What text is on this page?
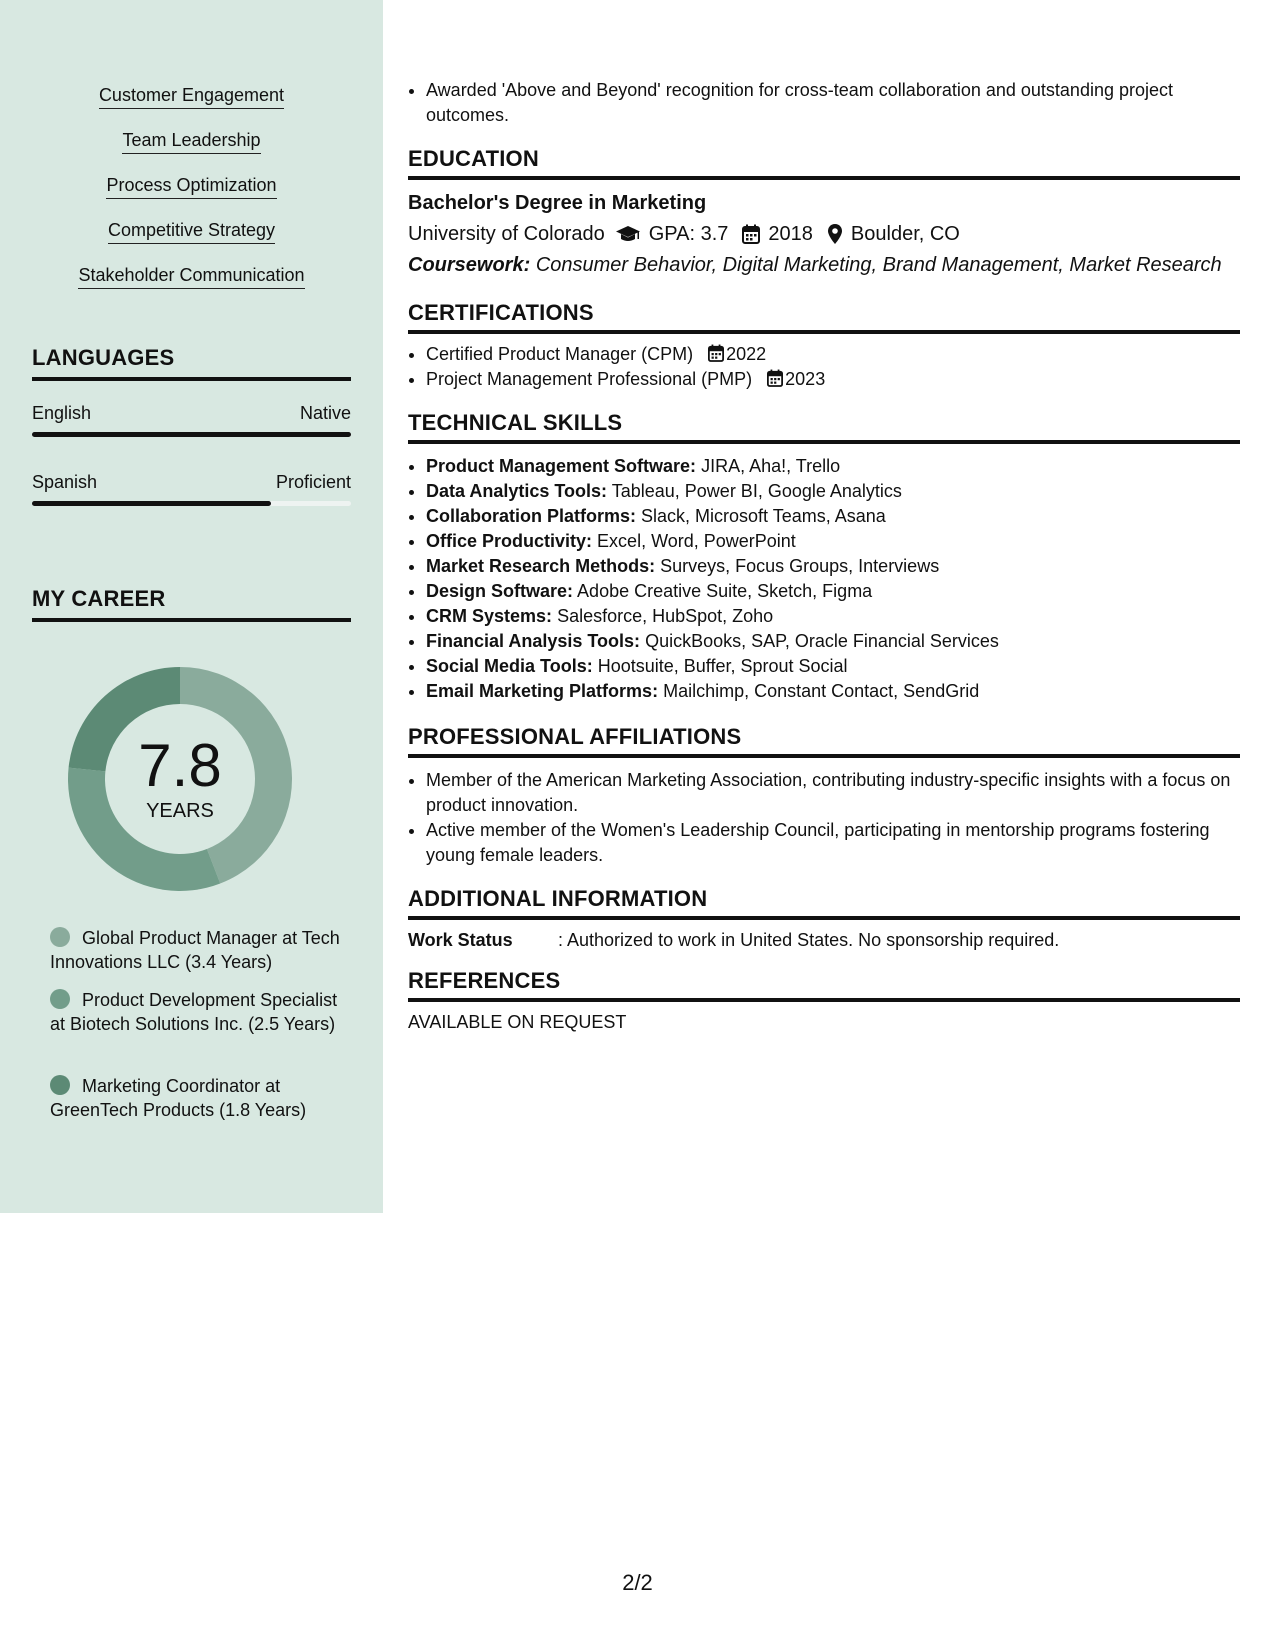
Customer Engagement
Team Leadership
Process Optimization
Competitive Strategy
Stakeholder Communication
LANGUAGES
English	Native
Spanish	Proficient
MY CAREER
7.8
YEARS
Global Product Manager at Tech Innovations LLC (3.4 Years)
Product Development Specialist at Biotech Solutions Inc. (2.5 Years)
Marketing Coordinator at GreenTech Products (1.8 Years)
• Awarded 'Above and Beyond' recognition for cross-team collaboration and outstanding project outcomes.
EDUCATION
Bachelor's Degree in Marketing
University of Colorado GPA: 3.7 2018 Boulder, CO
Coursework: Consumer Behavior, Digital Marketing, Brand Management, Market Research
CERTIFICATIONS
• Certified Product Manager (CPM) 2022
• Project Management Professional (PMP) 2023
TECHNICAL SKILLS
• Product Management Software: JIRA, Aha!, Trello
• Data Analytics Tools: Tableau, Power BI, Google Analytics
• Collaboration Platforms: Slack, Microsoft Teams, Asana
• Office Productivity: Excel, Word, PowerPoint
• Market Research Methods: Surveys, Focus Groups, Interviews
• Design Software: Adobe Creative Suite, Sketch, Figma
• CRM Systems: Salesforce, HubSpot, Zoho
• Financial Analysis Tools: QuickBooks, SAP, Oracle Financial Services
• Social Media Tools: Hootsuite, Buffer, Sprout Social
• Email Marketing Platforms: Mailchimp, Constant Contact, SendGrid
PROFESSIONAL AFFILIATIONS
• Member of the American Marketing Association, contributing industry-specific insights with a focus on product innovation.
• Active member of the Women's Leadership Council, participating in mentorship programs fostering young female leaders.
ADDITIONAL INFORMATION
Work Status	: Authorized to work in United States. No sponsorship required.
REFERENCES
AVAILABLE ON REQUEST
2/2
